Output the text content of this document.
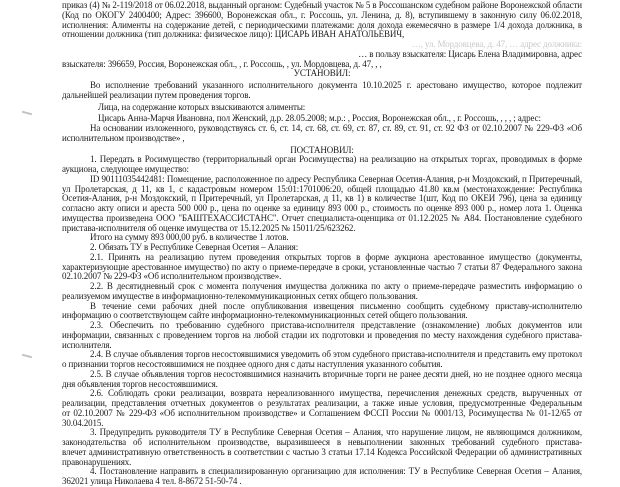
приказ (4) № 2-119/2018 от 06.02.2018, выданный органом: Судебный участок № 5 в Россошанском судебном районе Воронежской области
(Код по ОКОГУ 2400400; Адрес: 396600, Воронежская обл., г. Россошь, ул. Ленина, д. 8), вступившему в законную силу 06.02.2018,
исполнения: Алименты на содержание детей, с периодическими платежами: доля дохода ежемесячно в размере 1/4 дохода должника, в
отношении должника (тип должника: физическое лицо): ЦИСАРЬ ИВАН АНАТОЛЬЕВИЧ,
…, ул. Мордовцева, д. 47, … адрес должника:
… в пользу взыскателя: Цисарь Елена Владимировна, адрес
взыскателя: 396659, Россия, Воронежская обл., , г. Россошь, , ул. Мордовцева, д. 47, , ,
УСТАНОВИЛ:
Во исполнение требований указанного исполнительного документа 10.10.2025 г. арестовано имущество, которое подлежит
дальнейшей реализации путем проведения торгов.
Лица, на содержание которых взыскиваются алименты:
Цисарь Анна-Марчя Ивановна, пол Женский, д.р. 28.05.2008; м.р.: , Россия, Воронежская обл., , г. Россошь, , , , ; адрес:
На основании изложенного, руководствуясь ст. 6, ст. 14, ст. 68, ст. 69, ст. 87, ст. 89, ст. 91, ст. 92 ФЗ от 02.10.2007 № 229-ФЗ «Об
исполнительном производстве» ,
ПОСТАНОВИЛ:
1. Передать в Росимущество (территориальный орган Росимущества) на реализацию на открытых торгах, проводимых в форме
аукциона, следующее имущество:
ID 90111035442481: Помещение, расположенное по адресу Республика Северная Осетия-Алания, р-н Моздокский, п Притеречный,
ул Пролетарская, д 11, кв 1, с кадастровым номером 15:01:1701006:20, общей площадью 41.80 кв.м (местонахождение: Республика
Осетия-Алания, р-н Моздокский, п Притеречный, ул Пролетарская, д 11, кв 1) в количестве 1(шт, Код по ОКЕИ 796), цена за единицу
согласно акту описи и ареста 500 000 р., цена по оценке за единицу 893 000 р., стоимость по оценке 893 000 р., номер лота 1. Оценка
имущества произведена ООО "БАШТЕХАССИСТАНС". Отчет специалиста-оценщика от 01.12.2025 № А84. Постановление судебного
пристава-исполнителя об оценке имущества от 15.12.2025 № 15011/25/623262.
Итого на сумму 893 000,00 руб. в количестве 1 лотов.
2. Обязать ТУ в Республике Северная Осетия – Алания:
2.1. Принять на реализацию путем проведения открытых торгов в форме аукциона арестованное имущество (документы,
характеризующие арестованное имущество) по акту о приеме-передаче в сроки, установленные частью 7 статьи 87 Федерального закона
02.10.2007 № 229-ФЗ «Об исполнительном производстве».
2.2. В десятидневный срок с момента получения имущества должника по акту о приеме-передаче разместить информацию о
реализуемом имуществе в информационно-телекоммуникационных сетях общего пользования.
В течение семи рабочих дней после опубликования извещения письменно сообщить судебному приставу-исполнителю
информацию о соответствующем сайте информационно-телекоммуникационных сетей общего пользования.
2.3. Обеспечить по требованию судебного пристава-исполнителя представление (ознакомление) любых документов или
информации, связанных с проведением торгов на любой стадии их подготовки и проведения по месту нахождения судебного пристава-
исполнителя.
2.4. В случае объявления торгов несостоявшимися уведомить об этом судебного пристава-исполнителя и представить ему протокол
о признании торгов несостоявшимися не позднее одного дня с даты наступления указанного события.
2.5. В случае объявления торгов несостоявшимися назначить вторичные торги не ранее десяти дней, но не позднее одного месяца
дня объявления торгов несостоявшимися.
2.6. Соблюдать сроки реализации, возврата нереализованного имущества, перечисления денежных средств, вырученных от
реализации, представления отчетных документов о результатах реализации, а также иные условия, предусмотренные Федеральным
от 02.10.2007 № 229-ФЗ «Об исполнительном производстве» и Соглашением ФССП России № 0001/13, Росимущества № 01-12/65 от
30.04.2015.
3. Предупредить руководителя ТУ в Республике Северная Осетия – Алания, что нарушение лицом, не являющимся должником,
законодательства об исполнительном производстве, выразившееся в невыполнении законных требований судебного пристава-
влечет административную ответственность в соответствии с частью 3 статьи 17.14 Кодекса Российской Федерации об административных
правонарушениях.
4. Постановление направить в специализированную организацию для исполнения: ТУ в Республике Северная Осетия – Алания,
362021 улица Николаева 4 тел. 8-8672 51-50-74 .
